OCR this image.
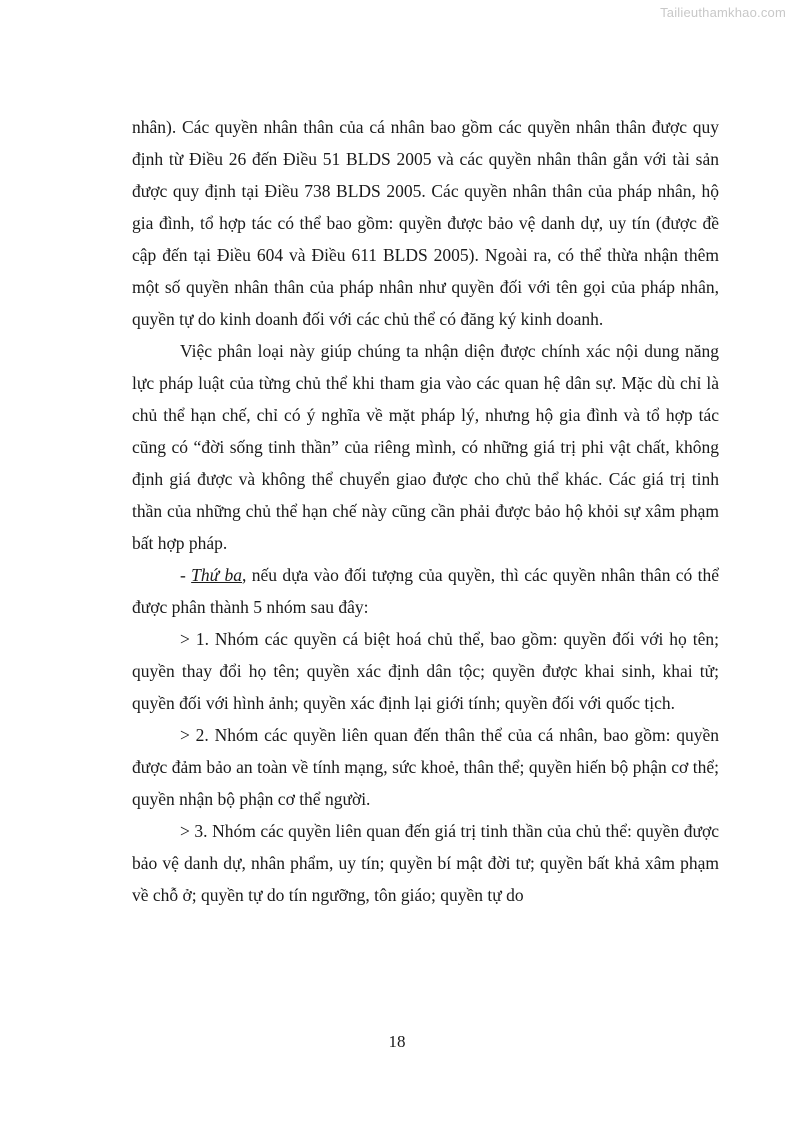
Tailieuthamkhao.com

nhân). Các quyền nhân thân của cá nhân bao gồm các quyền nhân thân được quy định từ Điều 26 đến Điều 51 BLDS 2005 và các quyền nhân thân gắn với tài sản được quy định tại Điều 738 BLDS 2005. Các quyền nhân thân của pháp nhân, hộ gia đình, tổ hợp tác có thể bao gồm: quyền được bảo vệ danh dự, uy tín (được đề cập đến tại Điều 604 và Điều 611 BLDS 2005). Ngoài ra, có thể thừa nhận thêm một số quyền nhân thân của pháp nhân như quyền đối với tên gọi của pháp nhân, quyền tự do kinh doanh đối với các chủ thể có đăng ký kinh doanh.

Việc phân loại này giúp chúng ta nhận diện được chính xác nội dung năng lực pháp luật của từng chủ thể khi tham gia vào các quan hệ dân sự. Mặc dù chỉ là chủ thể hạn chế, chỉ có ý nghĩa về mặt pháp lý, nhưng hộ gia đình và tổ hợp tác cũng có “đời sống tinh thần” của riêng mình, có những giá trị phi vật chất, không định giá được và không thể chuyển giao được cho chủ thể khác. Các giá trị tinh thần của những chủ thể hạn chế này cũng cần phải được bảo hộ khỏi sự xâm phạm bất hợp pháp.

- Thứ ba, nếu dựa vào đối tượng của quyền, thì các quyền nhân thân có thể được phân thành 5 nhóm sau đây:

> 1. Nhóm các quyền cá biệt hoá chủ thể, bao gồm: quyền đối với họ tên; quyền thay đổi họ tên; quyền xác định dân tộc; quyền được khai sinh, khai tử; quyền đối với hình ảnh; quyền xác định lại giới tính; quyền đối với quốc tịch.

> 2. Nhóm các quyền liên quan đến thân thể của cá nhân, bao gồm: quyền được đảm bảo an toàn về tính mạng, sức khoẻ, thân thể; quyền hiến bộ phận cơ thể; quyền nhận bộ phận cơ thể người.

> 3. Nhóm các quyền liên quan đến giá trị tinh thần của chủ thể: quyền được bảo vệ danh dự, nhân phẩm, uy tín; quyền bí mật đời tư; quyền bất khả xâm phạm về chỗ ở; quyền tự do tín ngưỡng, tôn giáo; quyền tự do

18
